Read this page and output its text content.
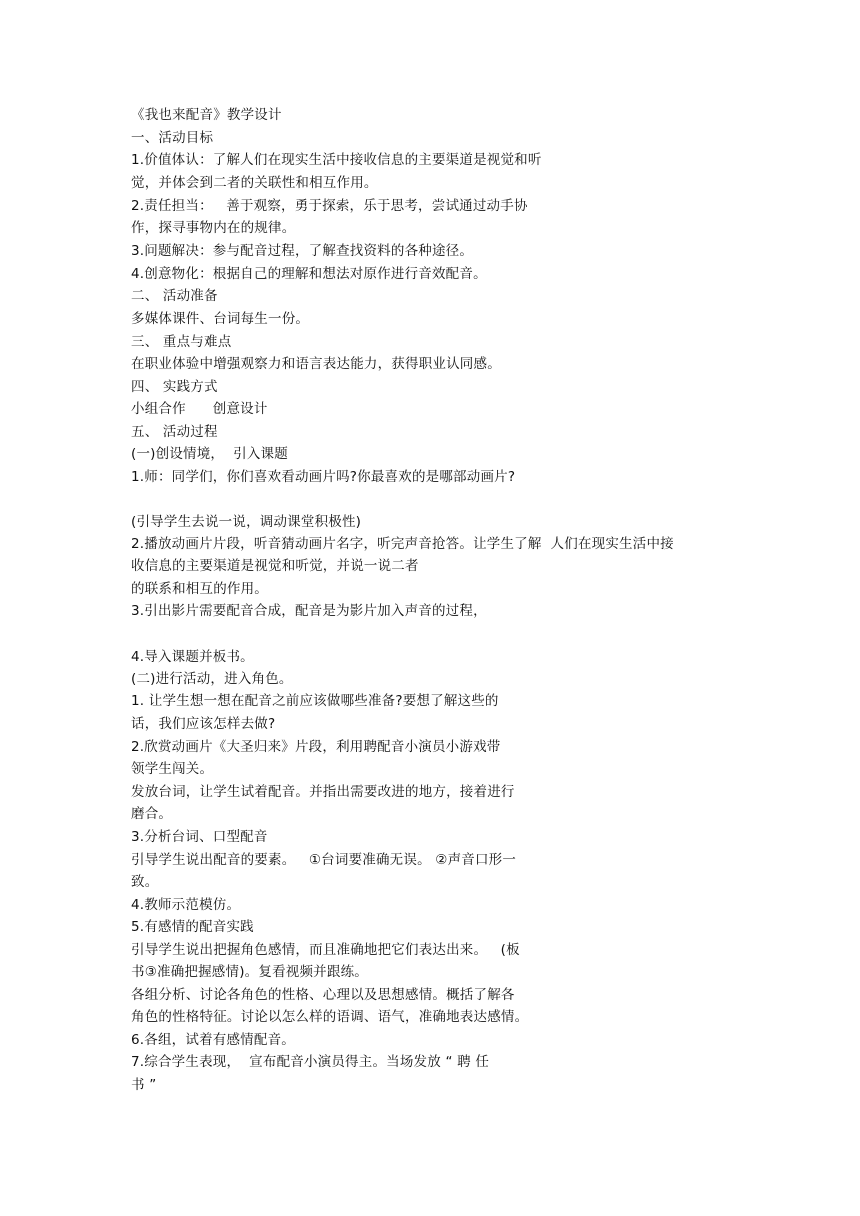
《我也来配音》教学设计
一、活动目标
1.价值体认：了解人们在现实生活中接收信息的主要渠道是视觉和听
觉，并体会到二者的关联性和相互作用。
2.责任担当：   善于观察，勇于探索，乐于思考，尝试通过动手协
作，探寻事物内在的规律。
3.问题解决：参与配音过程，了解查找资料的各种途径。
4.创意物化：根据自己的理解和想法对原作进行音效配音。
二、 活动准备
多媒体课件、台词每生一份。
三、 重点与难点
在职业体验中增强观察力和语言表达能力，获得职业认同感。
四、 实践方式
小组合作      创意设计
五、 活动过程
(一)创设情境，  引入课题
1.师：同学们，你们喜欢看动画片吗?你最喜欢的是哪部动画片?
(引导学生去说一说，调动课堂积极性)
2.播放动画片片段，听音猜动画片名字，听完声音抢答。让学生了解  人们在现实生活中接
收信息的主要渠道是视觉和听觉，并说一说二者
的联系和相互的作用。
3.引出影片需要配音合成，配音是为影片加入声音的过程，
4.导入课题并板书。
(二)进行活动，进入角色。
1. 让学生想一想在配音之前应该做哪些准备?要想了解这些的
话，我们应该怎样去做?
2.欣赏动画片《大圣归来》片段，利用聘配音小演员小游戏带
领学生闯关。
发放台词，让学生试着配音。并指出需要改进的地方，接着进行
磨合。
3.分析台词、口型配音
引导学生说出配音的要素。   ①台词要准确无误。 ②声音口形一
致。
4.教师示范模仿。
5.有感情的配音实践
引导学生说出把握角色感情，而且准确地把它们表达出来。   (板
书③准确把握感情)。复看视频并跟练。
各组分析、讨论各角色的性格、心理以及思想感情。概括了解各
角色的性格特征。讨论以怎么样的语调、语气，准确地表达感情。
6.各组，试着有感情配音。
7.综合学生表现，  宣布配音小演员得主。当场发放 “ 聘 任
书 ”
